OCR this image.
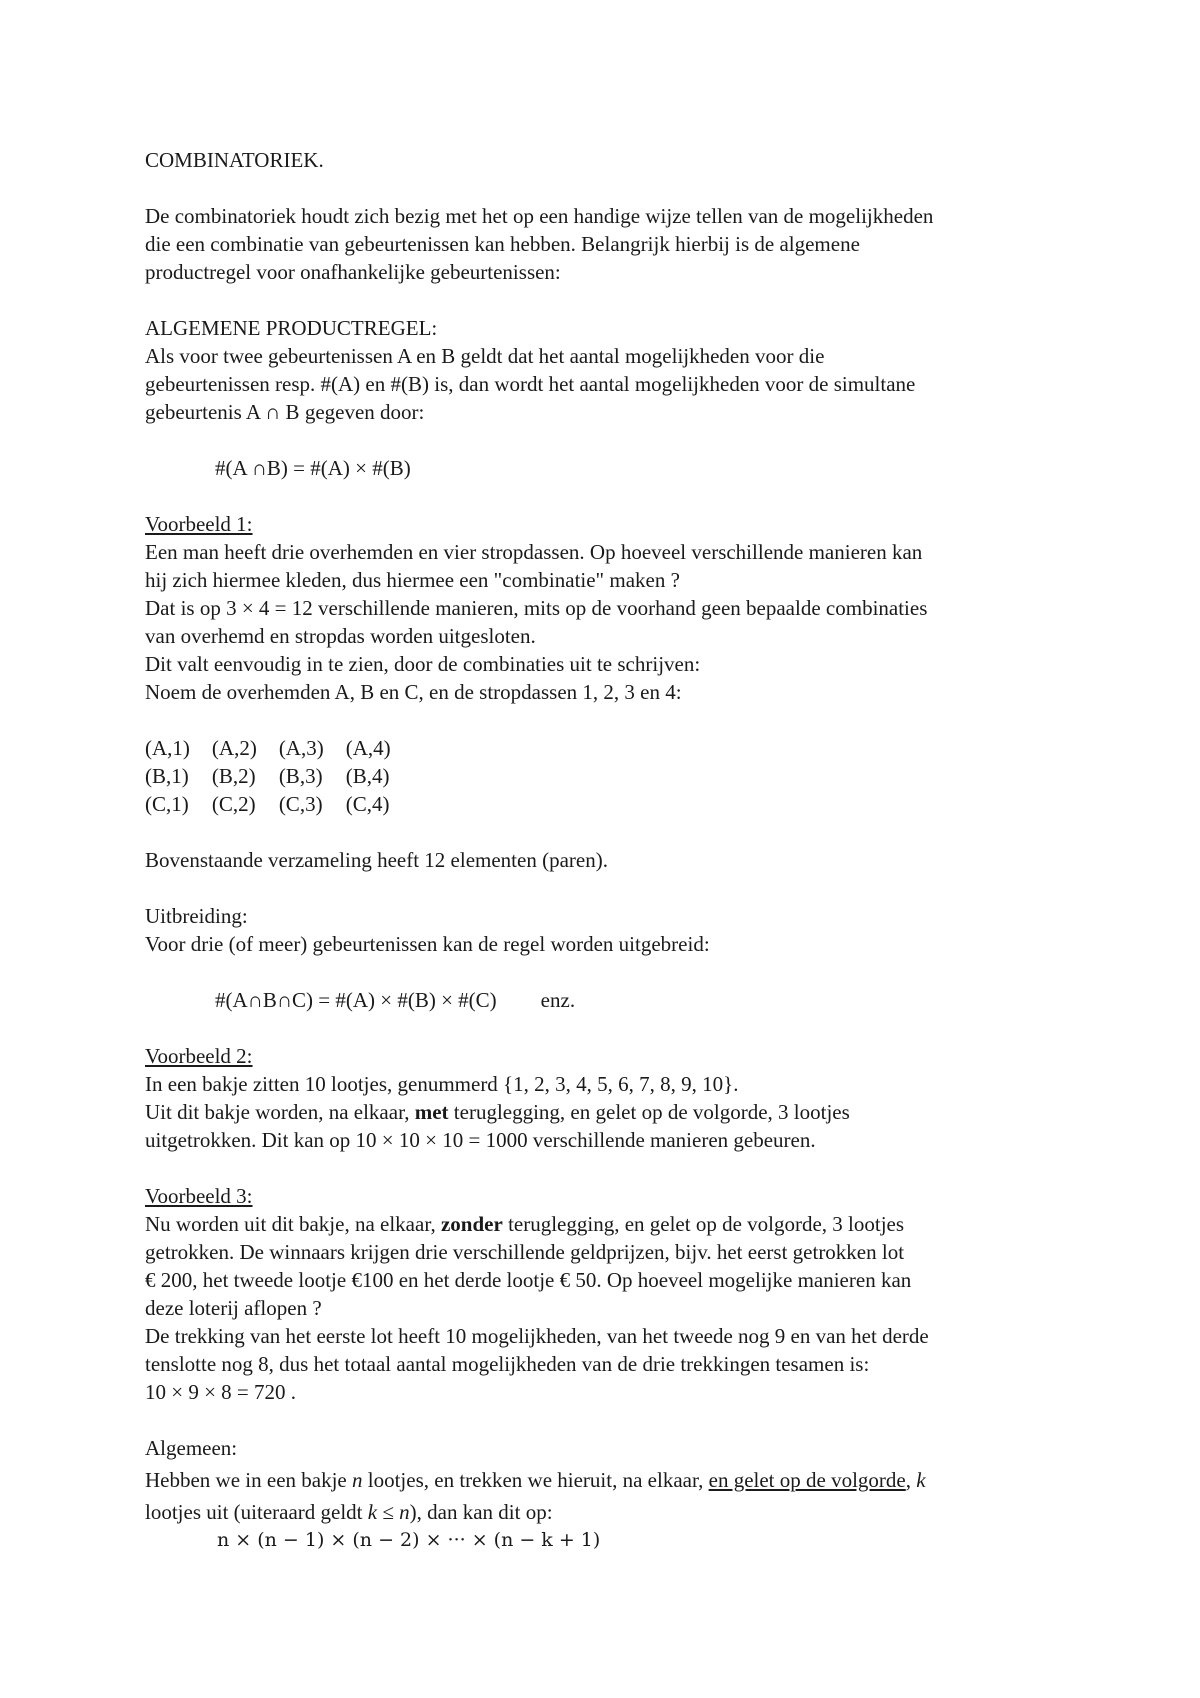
COMBINATORIEK.

De combinatoriek houdt zich bezig met het op een handige wijze tellen van de mogelijkheden

die een combinatie van gebeurtenissen kan hebben. Belangrijk hierbij is de algemene

productregel voor onafhankelijke gebeurtenissen:

ALGEMENE PRODUCTREGEL:

Als voor twee gebeurtenissen A en B geldt dat het aantal mogelijkheden voor die

gebeurtenissen resp. #(A) en #(B) is, dan wordt het aantal mogelijkheden voor de simultane

gebeurtenis A ∩ B gegeven door:

#(A ∩B) = #(A) × #(B)

Voorbeeld 1:

Een man heeft drie overhemden en vier stropdassen. Op hoeveel verschillende manieren kan

hij zich hiermee kleden, dus hiermee een "combinatie" maken ?

Dat is op 3 × 4 = 12 verschillende manieren, mits op de voorhand geen bepaalde combinaties

van overhemd en stropdas worden uitgesloten.

Dit valt eenvoudig in te zien, door de combinaties uit te schrijven:

Noem de overhemden A, B en C, en de stropdassen 1, 2, 3 en 4:

(A,1)	(A,2)	(A,3)	(A,4)
(B,1)	(B,2)	(B,3)	(B,4)
(C,1)	(C,2)	(C,3)	(C,4)

Bovenstaande verzameling heeft 12 elementen (paren).

Uitbreiding:

Voor drie (of meer) gebeurtenissen kan de regel worden uitgebreid:

#(A∩B∩C) = #(A) × #(B) × #(C) enz.

Voorbeeld 2:

In een bakje zitten 10 lootjes, genummerd {1, 2, 3, 4, 5, 6, 7, 8, 9, 10}.

Uit dit bakje worden, na elkaar, met teruglegging, en gelet op de volgorde, 3 lootjes

uitgetrokken. Dit kan op 10 × 10 × 10 = 1000 verschillende manieren gebeuren.

Voorbeeld 3:

Nu worden uit dit bakje, na elkaar, zonder teruglegging, en gelet op de volgorde, 3 lootjes

getrokken. De winnaars krijgen drie verschillende geldprijzen, bijv. het eerst getrokken lot

€ 200, het tweede lootje €100 en het derde lootje € 50. Op hoeveel mogelijke manieren kan

deze loterij aflopen ?

De trekking van het eerste lot heeft 10 mogelijkheden, van het tweede nog 9 en van het derde

tenslotte nog 8, dus het totaal aantal mogelijkheden van de drie trekkingen tesamen is:

10 × 9 × 8 = 720 .

Algemeen:

Hebben we in een bakje n lootjes, en trekken we hieruit, na elkaar, en gelet op de volgorde, k

lootjes uit (uiteraard geldt k ≤ n), dan kan dit op:

n × (n − 1) × (n − 2) × ··· × (n − k + 1)
